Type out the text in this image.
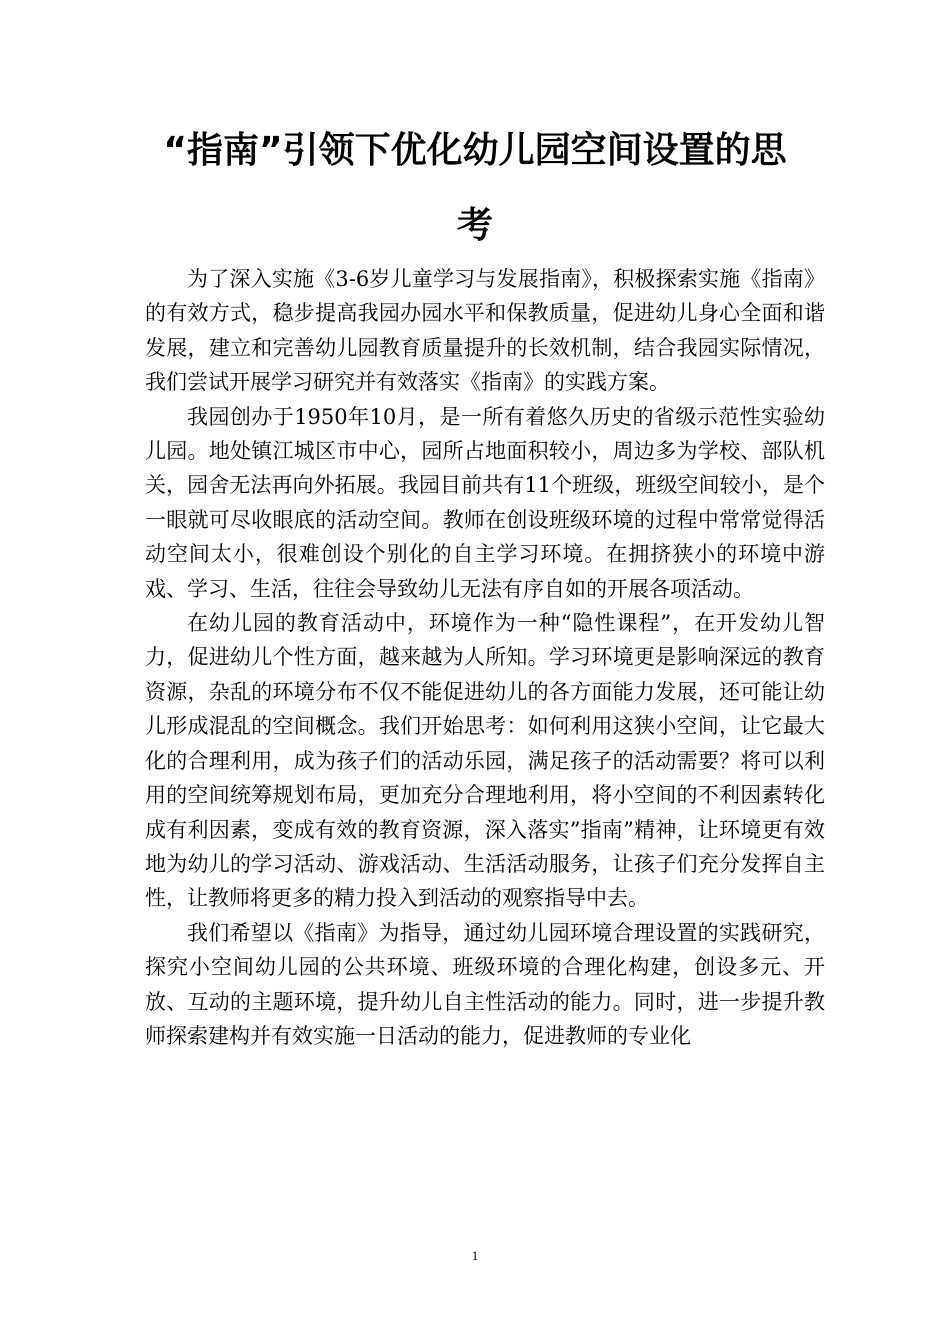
“指南”引领下优化幼儿园空间设置的思
考

为了深入实施《3-6岁儿童学习与发展指南》，积极探索实施《指南》的有效方式，稳步提高我园办园水平和保教质量，促进幼儿身心全面和谐发展，建立和完善幼儿园教育质量提升的长效机制，结合我园实际情况，我们尝试开展学习研究并有效落实《指南》的实践方案。

我园创办于1950年10月，是一所有着悠久历史的省级示范性实验幼儿园。地处镇江城区市中心，园所占地面积较小，周边多为学校、部队机关，园舍无法再向外拓展。我园目前共有11个班级，班级空间较小，是个一眼就可尽收眼底的活动空间。教师在创设班级环境的过程中常常觉得活动空间太小，很难创设个别化的自主学习环境。在拥挤狭小的环境中游戏、学习、生活，往往会导致幼儿无法有序自如的开展各项活动。

在幼儿园的教育活动中，环境作为一种“隐性课程”，在开发幼儿智力，促进幼儿个性方面，越来越为人所知。学习环境更是影响深远的教育资源，杂乱的环境分布不仅不能促进幼儿的各方面能力发展，还可能让幼儿形成混乱的空间概念。我们开始思考：如何利用这狭小空间，让它最大化的合理利用，成为孩子们的活动乐园，满足孩子的活动需要？将可以利用的空间统筹规划布局，更加充分合理地利用，将小空间的不利因素转化成有利因素，变成有效的教育资源，深入落实”指南”精神，让环境更有效地为幼儿的学习活动、游戏活动、生活活动服务，让孩子们充分发挥自主性，让教师将更多的精力投入到活动的观察指导中去。

我们希望以《指南》为指导，通过幼儿园环境合理设置的实践研究，探究小空间幼儿园的公共环境、班级环境的合理化构建，创设多元、开放、互动的主题环境，提升幼儿自主性活动的能力。同时，进一步提升教师探索建构并有效实施一日活动的能力，促进教师的专业化

1
